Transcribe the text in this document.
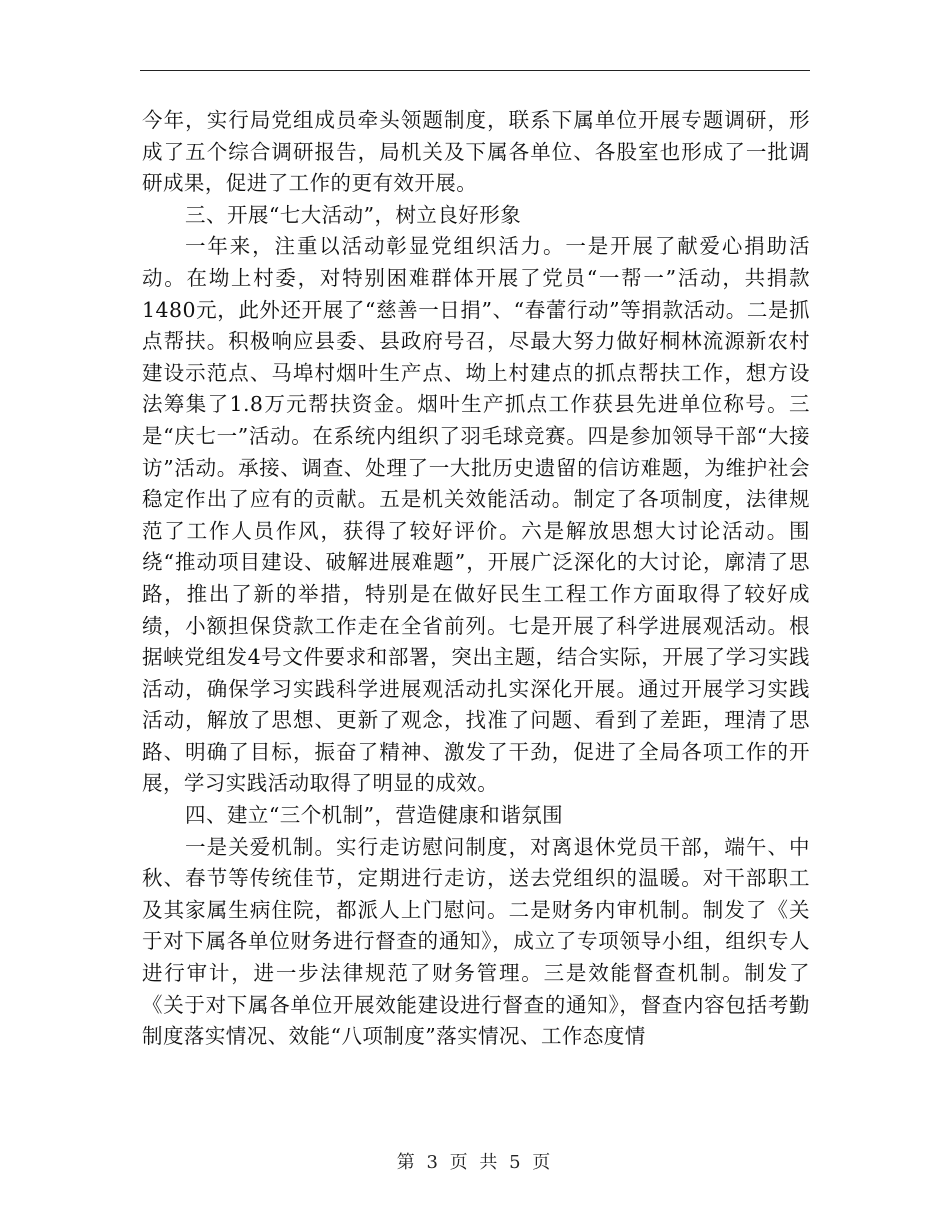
今年，实行局党组成员牵头领题制度，联系下属单位开展专题调研，形成了五个综合调研报告，局机关及下属各单位、各股室也形成了一批调研成果，促进了工作的更有效开展。

三、开展“七大活动”，树立良好形象

一年来，注重以活动彰显党组织活力。一是开展了献爱心捐助活动。在坳上村委，对特别困难群体开展了党员“一帮一”活动，共捐款1480元，此外还开展了“慈善一日捐”、“春蕾行动”等捐款活动。二是抓点帮扶。积极响应县委、县政府号召，尽最大努力做好桐林流源新农村建设示范点、马埠村烟叶生产点、坳上村建点的抓点帮扶工作，想方设法筹集了1.8万元帮扶资金。烟叶生产抓点工作获县先进单位称号。三是“庆七一”活动。在系统内组织了羽毛球竞赛。四是参加领导干部“大接访”活动。承接、调查、处理了一大批历史遗留的信访难题，为维护社会稳定作出了应有的贡献。五是机关效能活动。制定了各项制度，法律规范了工作人员作风，获得了较好评价。六是解放思想大讨论活动。围绕“推动项目建设、破解进展难题”，开展广泛深化的大讨论，廓清了思路，推出了新的举措，特别是在做好民生工程工作方面取得了较好成绩，小额担保贷款工作走在全省前列。七是开展了科学进展观活动。根据峡党组发4号文件要求和部署，突出主题，结合实际，开展了学习实践活动，确保学习实践科学进展观活动扎实深化开展。通过开展学习实践活动，解放了思想、更新了观念，找准了问题、看到了差距，理清了思路、明确了目标，振奋了精神、激发了干劲，促进了全局各项工作的开展，学习实践活动取得了明显的成效。

四、建立“三个机制”，营造健康和谐氛围

一是关爱机制。实行走访慰问制度，对离退休党员干部，端午、中秋、春节等传统佳节，定期进行走访，送去党组织的温暖。对干部职工及其家属生病住院，都派人上门慰问。二是财务内审机制。制发了《关于对下属各单位财务进行督查的通知》，成立了专项领导小组，组织专人进行审计，进一步法律规范了财务管理。三是效能督查机制。制发了《关于对下属各单位开展效能建设进行督查的通知》，督查内容包括考勤制度落实情况、效能“八项制度”落实情况、工作态度情

第 3 页 共 5 页
